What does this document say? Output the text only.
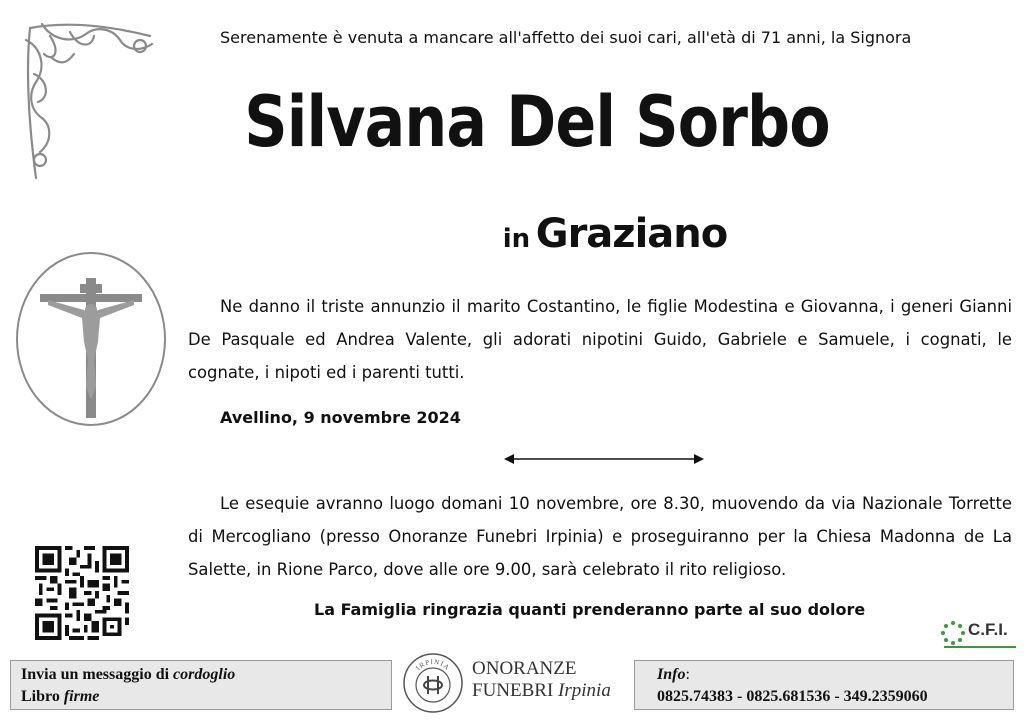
Serenamente è venuta a mancare all'affetto dei suoi cari, all'età di 71 anni, la Signora
Silvana Del Sorbo
in Graziano
Ne danno il triste annunzio il marito Costantino, le figlie Modestina e Giovanna, i generi Gianni De Pasquale ed Andrea Valente, gli adorati nipotini Guido, Gabriele e Samuele, i cognati, le cognate, i nipoti ed i parenti tutti.
Avellino, 9 novembre 2024
Le esequie avranno luogo domani 10 novembre, ore 8.30, muovendo da via Nazionale Torrette di Mercogliano (presso Onoranze Funebri Irpinia) e proseguiranno per la Chiesa Madonna de La Salette, in Rione Parco, dove alle ore 9.00, sarà celebrato il rito religioso.
La Famiglia ringrazia quanti prenderanno parte al suo dolore
C.F.I.
Invia un messaggio di cordoglio
Libro firme
IRPINIA ONORANZE
FUNEBRI Irpinia
Info:
0825.74383 - 0825.681536 - 349.2359060
